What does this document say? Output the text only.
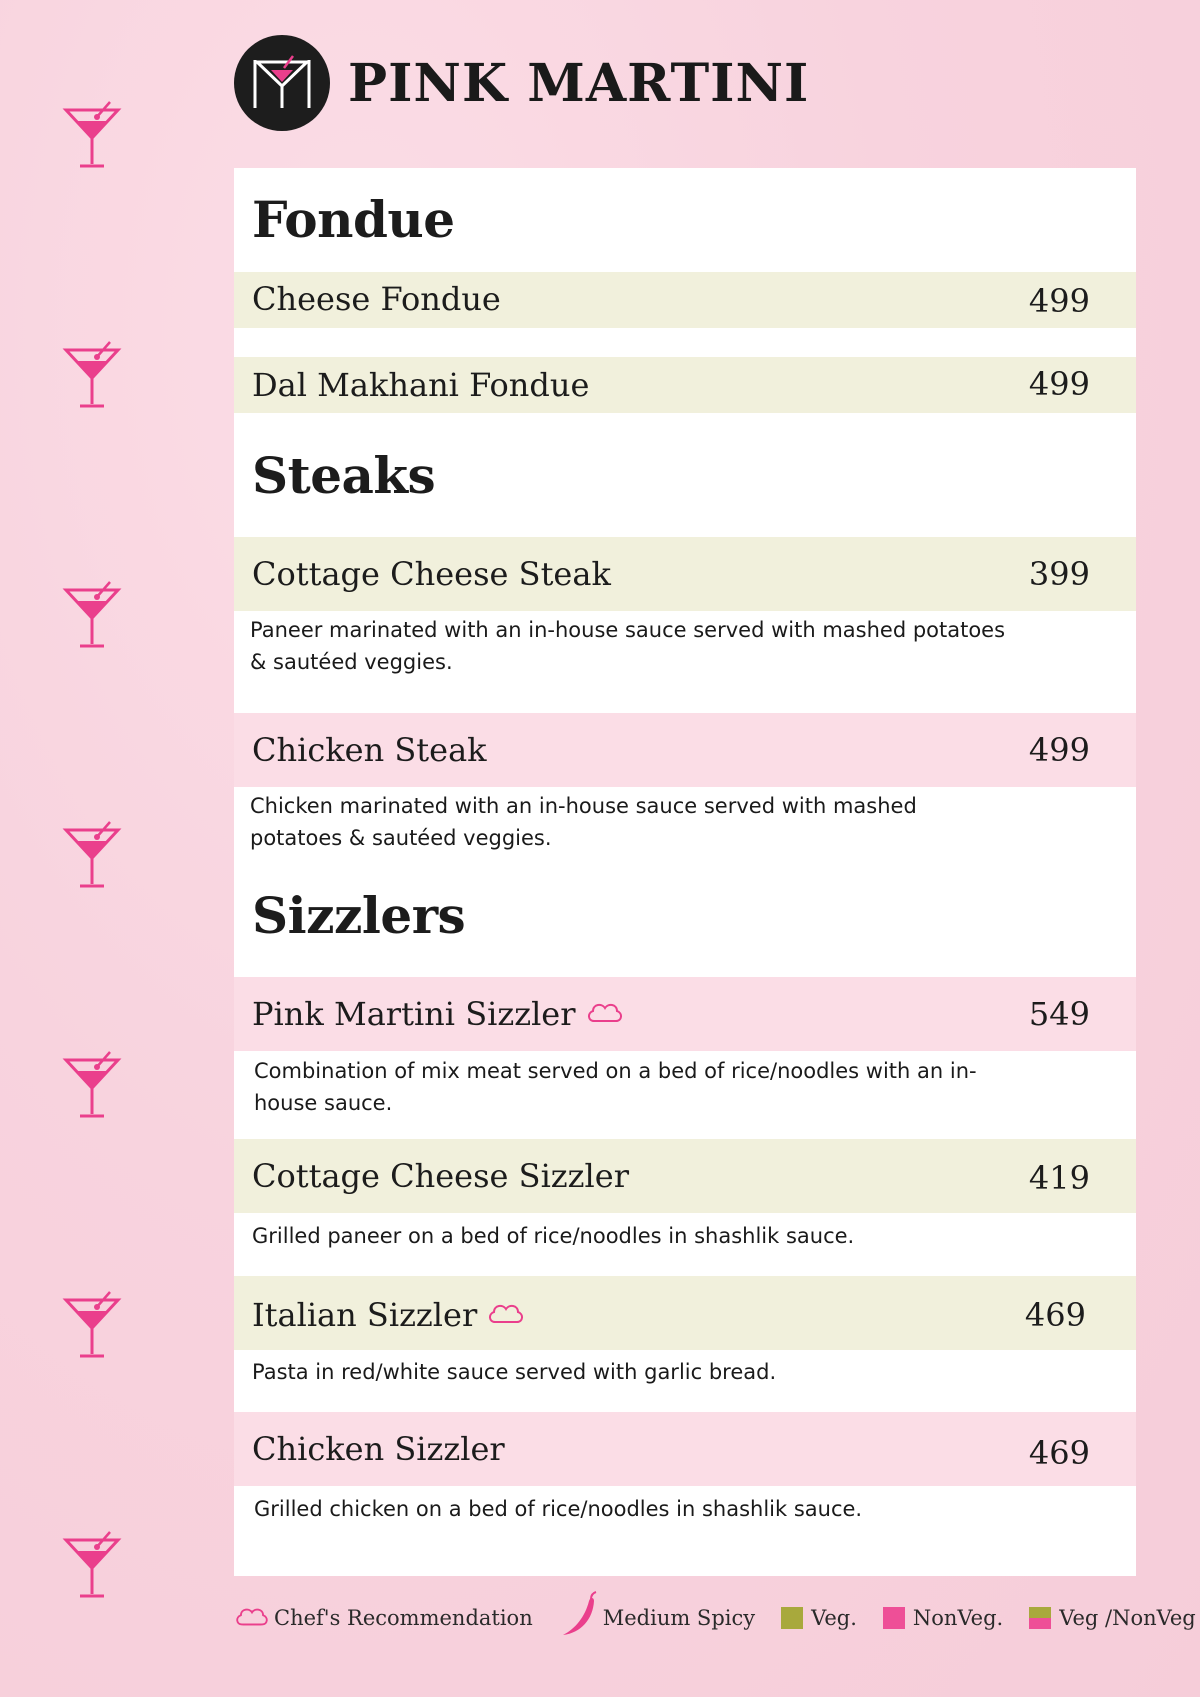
PINK MARTINI
Fondue
Cheese Fondue	499
Dal Makhani Fondue	499
Steaks
Cottage Cheese Steak	399
Paneer marinated with an in-house sauce served with mashed potatoes & sautéed veggies.
Chicken Steak	499
Chicken marinated with an in-house sauce served with mashed potatoes & sautéed veggies.
Sizzlers
Pink Martini Sizzler	549
Combination of mix meat served on a bed of rice/noodles with an in-house sauce.
Cottage Cheese Sizzler	419
Grilled paneer on a bed of rice/noodles in shashlik sauce.
Italian Sizzler	469
Pasta in red/white sauce served with garlic bread.
Chicken Sizzler	469
Grilled chicken on a bed of rice/noodles in shashlik sauce.
Chef's Recommendation	Medium Spicy	Veg.	NonVeg.	Veg /NonVeg
